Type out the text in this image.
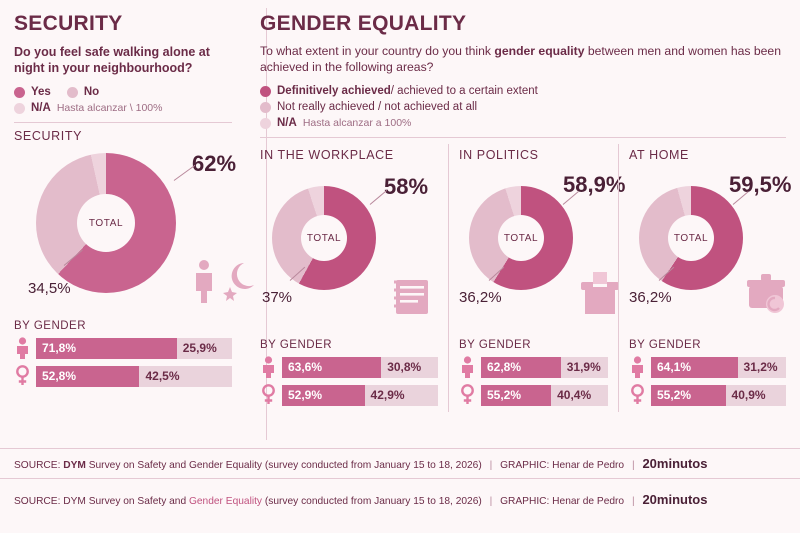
SECURITY
Do you feel safe walking alone at night in your neighbourhood?
Yes	No
N/A Hasta alcanzar \ 100%
SECURITY
TOTAL
62%
34,5%
BY GENDER
71,8%	25,9%
52,8%	42,5%
GENDER EQUALITY
To what extent in your country do you think gender equality between men and women has been achieved in the following areas?
Definitively achieved / achieved to a certain extent
Not really achieved / not achieved at all
N/A Hasta alcanzar a 100%
IN THE WORKPLACE
TOTAL
58%
37%
BY GENDER
63,6%	30,8%
52,9%	42,9%
IN POLITICS
TOTAL
58,9%
36,2%
BY GENDER
62,8%	31,9%
55,2%	40,4%
AT HOME
TOTAL
59,5%
36,2%
BY GENDER
64,1%	31,2%
55,2%	40,9%
SOURCE: DYM Survey on Safety and Gender Equality (survey conducted from January 15 to 18, 2026) | GRAPHIC: Henar de Pedro | 20minutos
SOURCE: DYM Survey on Safety and Gender Equality (survey conducted from January 15 to 18, 2026) | GRAPHIC: Henar de Pedro | 20minutos
